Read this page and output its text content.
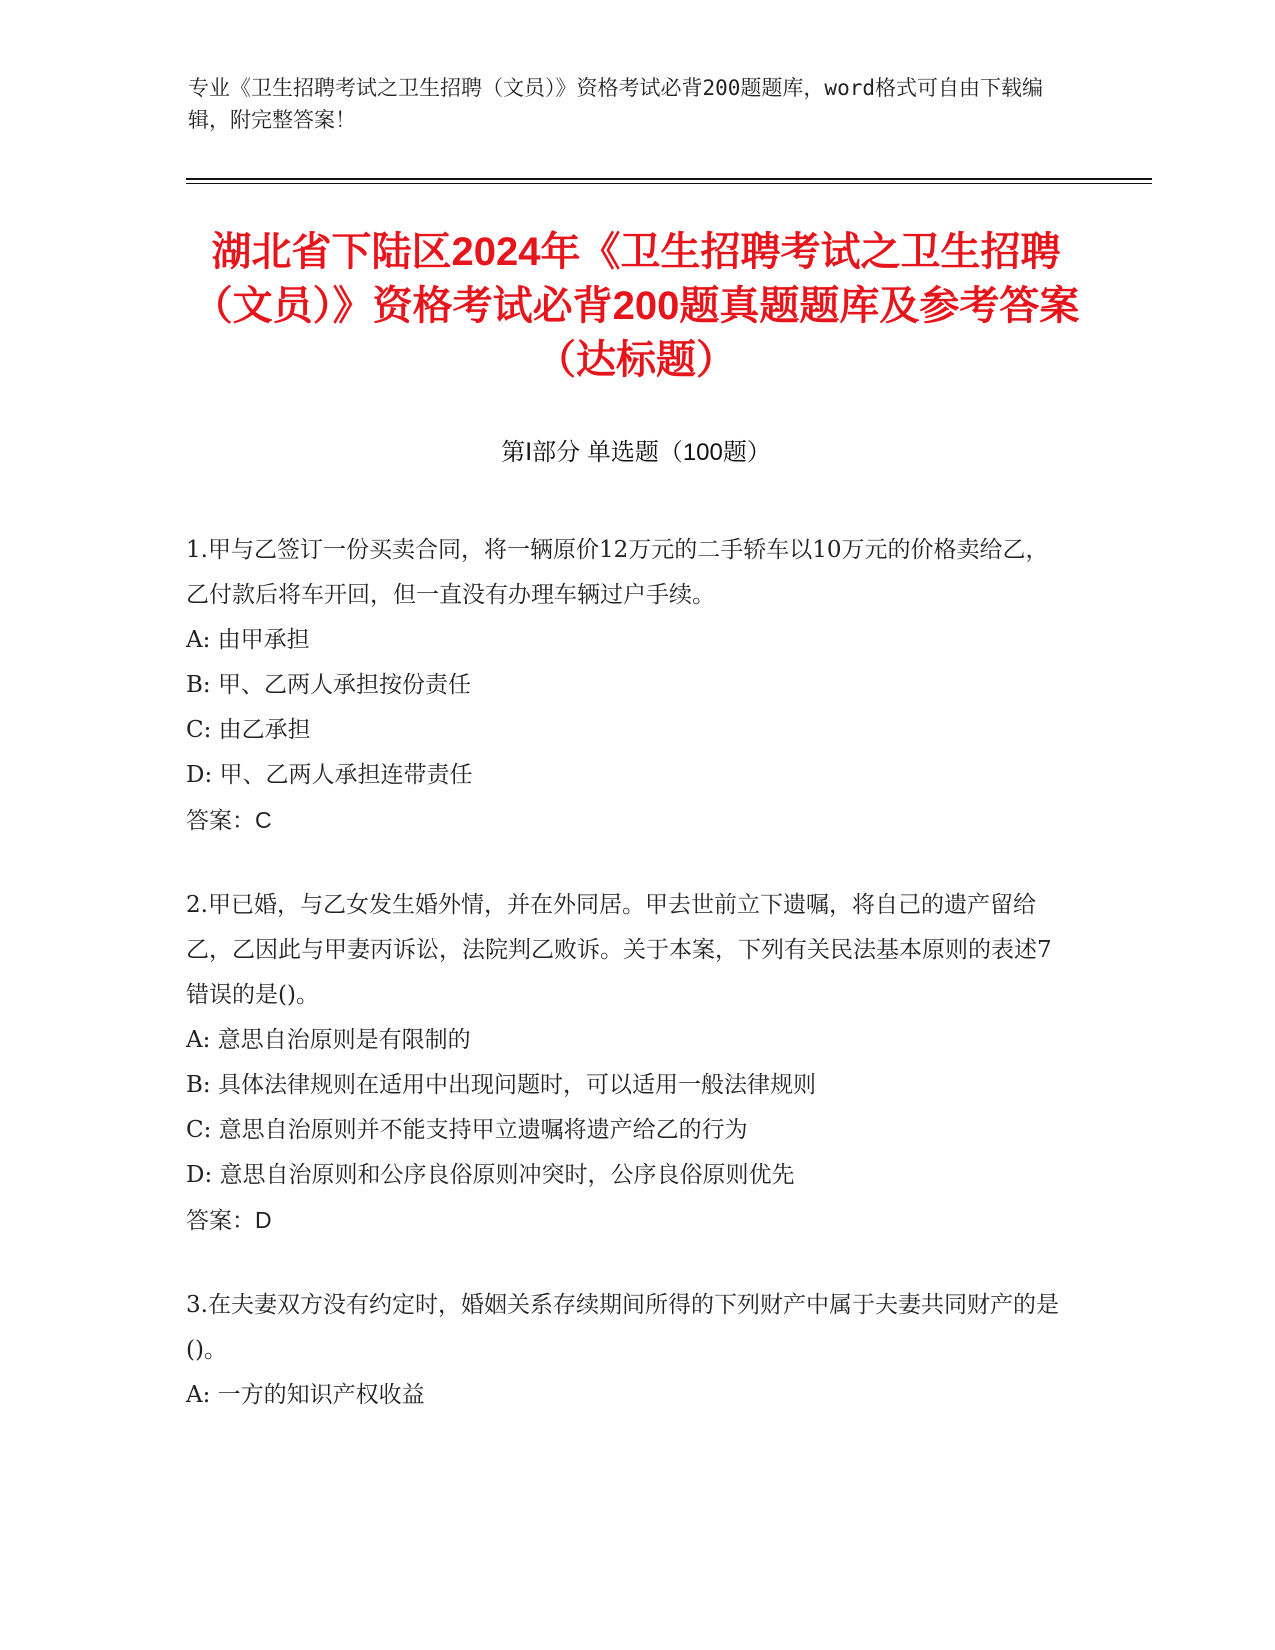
专业《卫生招聘考试之卫生招聘（文员）》资格考试必背200题题库，word格式可自由下载编辑，附完整答案！
湖北省下陆区2024年《卫生招聘考试之卫生招聘（文员）》资格考试必背200题真题题库及参考答案（达标题）
第Ⅰ部分 单选题（100题）
1.甲与乙签订一份买卖合同，将一辆原价12万元的二手轿车以10万元的价格卖给乙，乙付款后将车开回，但一直没有办理车辆过户手续。
A: 由甲承担
B: 甲、乙两人承担按份责任
C: 由乙承担
D: 甲、乙两人承担连带责任
答案：C
2.甲已婚，与乙女发生婚外情，并在外同居。甲去世前立下遗嘱，将自己的遗产留给乙，乙因此与甲妻丙诉讼，法院判乙败诉。关于本案，下列有关民法基本原则的表述7错误的是()。
A: 意思自治原则是有限制的
B: 具体法律规则在适用中出现问题时，可以适用一般法律规则
C: 意思自治原则并不能支持甲立遗嘱将遗产给乙的行为
D: 意思自治原则和公序良俗原则冲突时，公序良俗原则优先
答案：D
3.在夫妻双方没有约定时，婚姻关系存续期间所得的下列财产中属于夫妻共同财产的是()。
A: 一方的知识产权收益
